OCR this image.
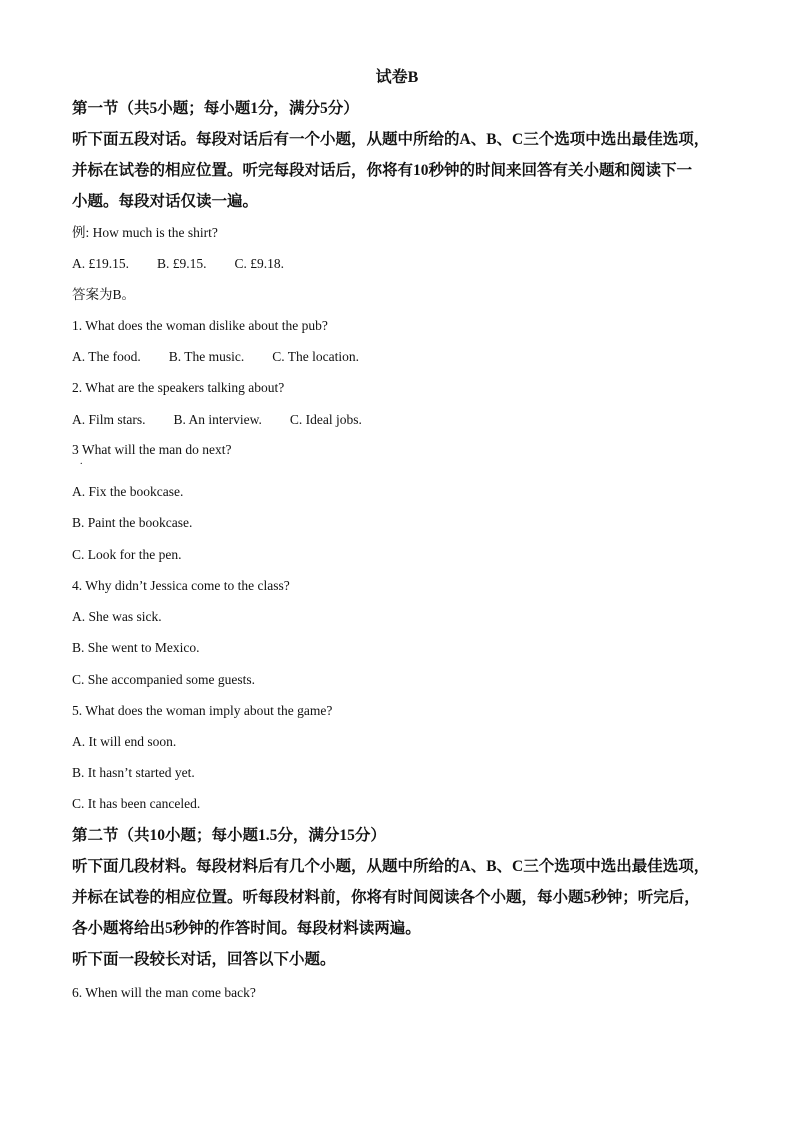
试卷B
第一节（共5小题；每小题1分，满分5分）
听下面五段对话。每段对话后有一个小题，从题中所给的A、B、C三个选项中选出最佳选项，
并标在试卷的相应位置。听完每段对话后，你将有10秒钟的时间来回答有关小题和阅读下一
小题。每段对话仅读一遍。
例: How much is the shirt?
A. £19.15. B. £9.15. C. £9.18.
答案为B。
1. What does the woman dislike about the pub?
A. The food. B. The music. C. The location.
2. What are the speakers talking about?
A. Film stars. B. An interview. C. Ideal jobs.
3 What will the man do next?
.
A. Fix the bookcase.
B. Paint the bookcase.
C. Look for the pen.
4. Why didn’t Jessica come to the class?
A. She was sick.
B. She went to Mexico.
C. She accompanied some guests.
5. What does the woman imply about the game?
A. It will end soon.
B. It hasn’t started yet.
C. It has been canceled.
第二节（共10小题；每小题1.5分，满分15分）
听下面几段材料。每段材料后有几个小题，从题中所给的A、B、C三个选项中选出最佳选项，
并标在试卷的相应位置。听每段材料前，你将有时间阅读各个小题，每小题5秒钟；听完后，
各小题将给出5秒钟的作答时间。每段材料读两遍。
听下面一段较长对话，回答以下小题。
6. When will the man come back?
